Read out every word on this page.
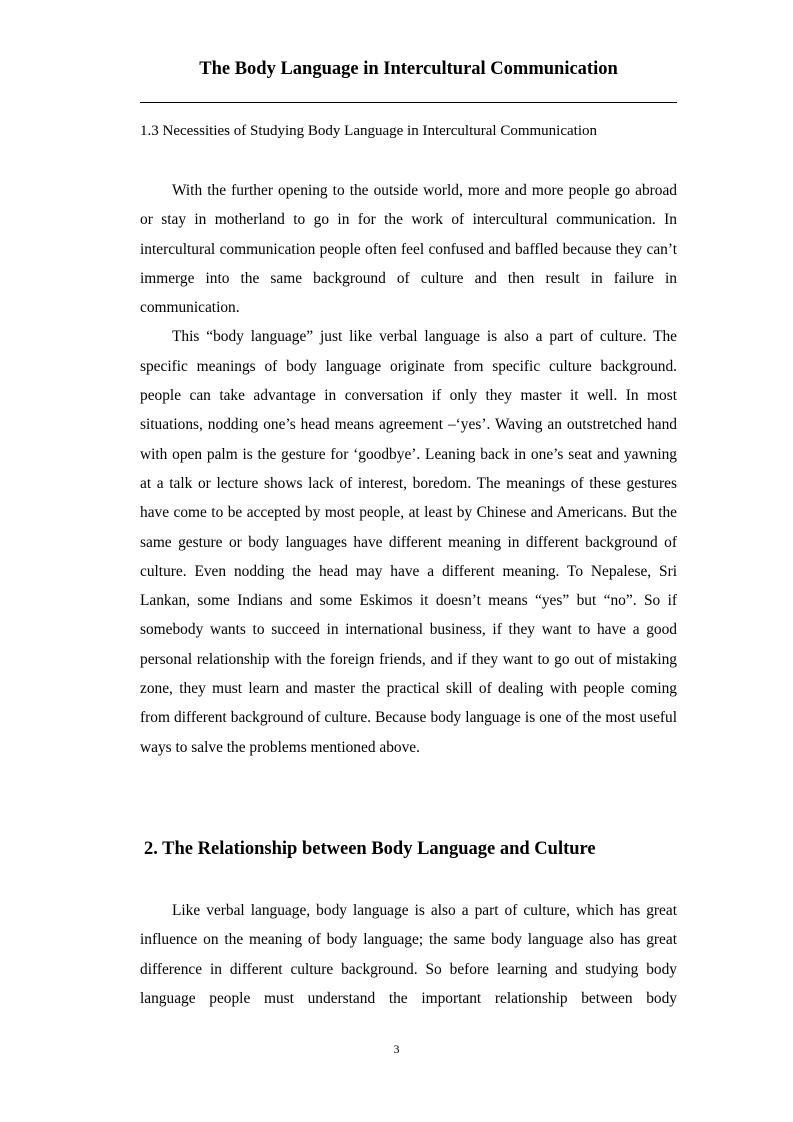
The Body Language in Intercultural Communication
1.3 Necessities of Studying Body Language in Intercultural Communication

With the further opening to the outside world, more and more people go abroad or stay in motherland to go in for the work of intercultural communication. In intercultural communication people often feel confused and baffled because they can’t immerge into the same background of culture and then result in failure in communication.

This “body language” just like verbal language is also a part of culture. The specific meanings of body language originate from specific culture background. people can take advantage in conversation if only they master it well. In most situations, nodding one’s head means agreement –‘yes’. Waving an outstretched hand with open palm is the gesture for ‘goodbye’. Leaning back in one’s seat and yawning at a talk or lecture shows lack of interest, boredom. The meanings of these gestures have come to be accepted by most people, at least by Chinese and Americans. But the same gesture or body languages have different meaning in different background of culture. Even nodding the head may have a different meaning. To Nepalese, Sri Lankan, some Indians and some Eskimos it doesn’t means “yes” but “no”. So if somebody wants to succeed in international business, if they want to have a good personal relationship with the foreign friends, and if they want to go out of mistaking zone, they must learn and master the practical skill of dealing with people coming from different background of culture. Because body language is one of the most useful ways to salve the problems mentioned above.

2. The Relationship between Body Language and Culture

Like verbal language, body language is also a part of culture, which has great influence on the meaning of body language; the same body language also has great difference in different culture background. So before learning and studying body language people must understand the important relationship between body

3
